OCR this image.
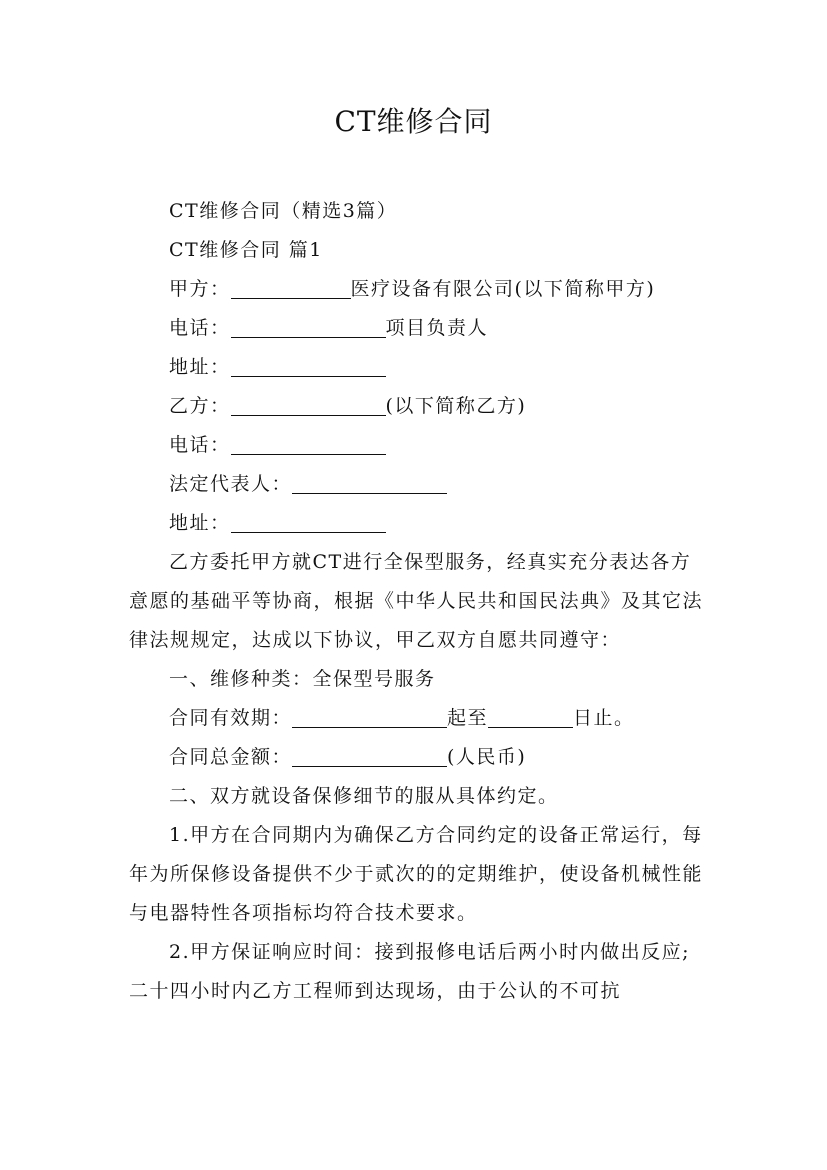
CT维修合同

CT维修合同（精选3篇）

CT维修合同 篇1

甲方：	医疗设备有限公司(以下简称甲方)

电话：	项目负责人

地址：

乙方：	(以下简称乙方)

电话：

法定代表人：

地址：

乙方委托甲方就CT进行全保型服务，经真实充分表达各方意愿的基础平等协商，根据《中华人民共和国民法典》及其它法律法规规定，达成以下协议，甲乙双方自愿共同遵守：

一、维修种类：全保型号服务

合同有效期：	起至	日止。

合同总金额：	(人民币)

二、双方就设备保修细节的服从具体约定。

1.甲方在合同期内为确保乙方合同约定的设备正常运行，每年为所保修设备提供不少于贰次的的定期维护，使设备机械性能与电器特性各项指标均符合技术要求。

2.甲方保证响应时间：接到报修电话后两小时内做出反应;二十四小时内乙方工程师到达现场，由于公认的不可抗
